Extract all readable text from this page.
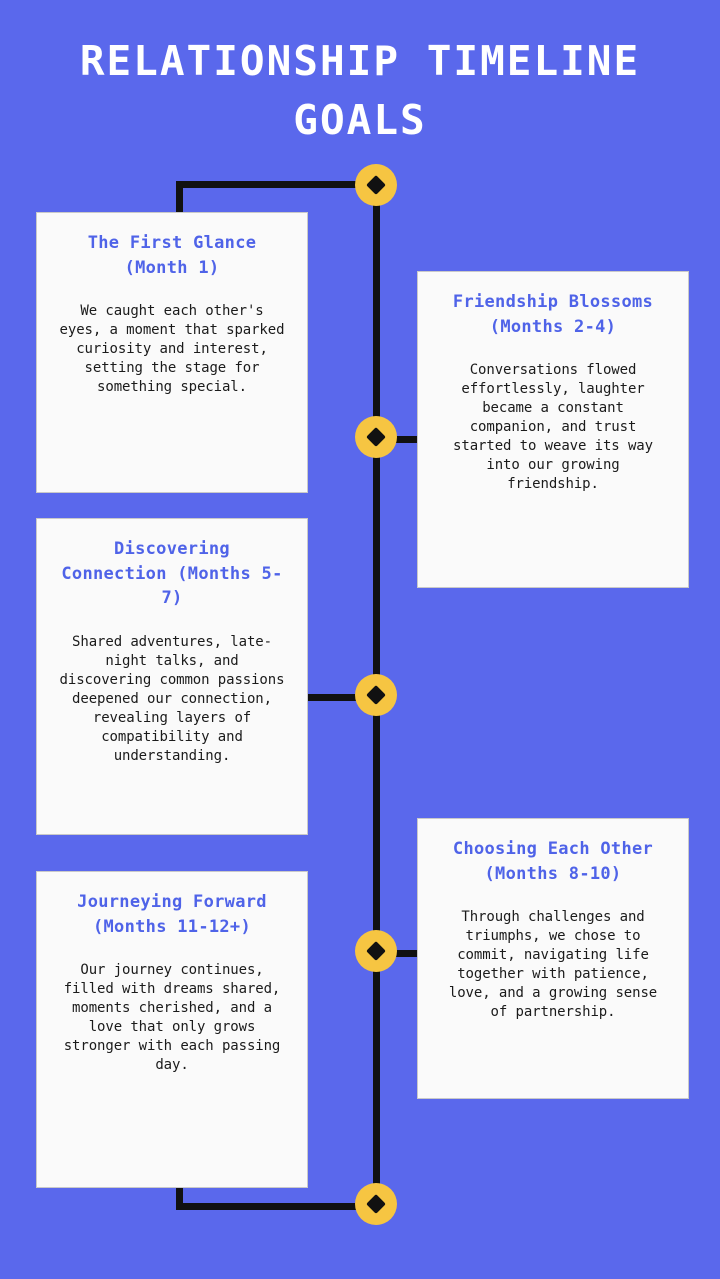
RELATIONSHIP TIMELINE GOALS
The First Glance (Month 1)
We caught each other's eyes, a moment that sparked curiosity and interest, setting the stage for something special.
Friendship Blossoms (Months 2-4)
Conversations flowed effortlessly, laughter became a constant companion, and trust started to weave its way into our growing friendship.
Discovering Connection (Months 5-7)
Shared adventures, late-night talks, and discovering common passions deepened our connection, revealing layers of compatibility and understanding.
Choosing Each Other (Months 8-10)
Through challenges and triumphs, we chose to commit, navigating life together with patience, love, and a growing sense of partnership.
Journeying Forward (Months 11-12+)
Our journey continues, filled with dreams shared, moments cherished, and a love that only grows stronger with each passing day.
